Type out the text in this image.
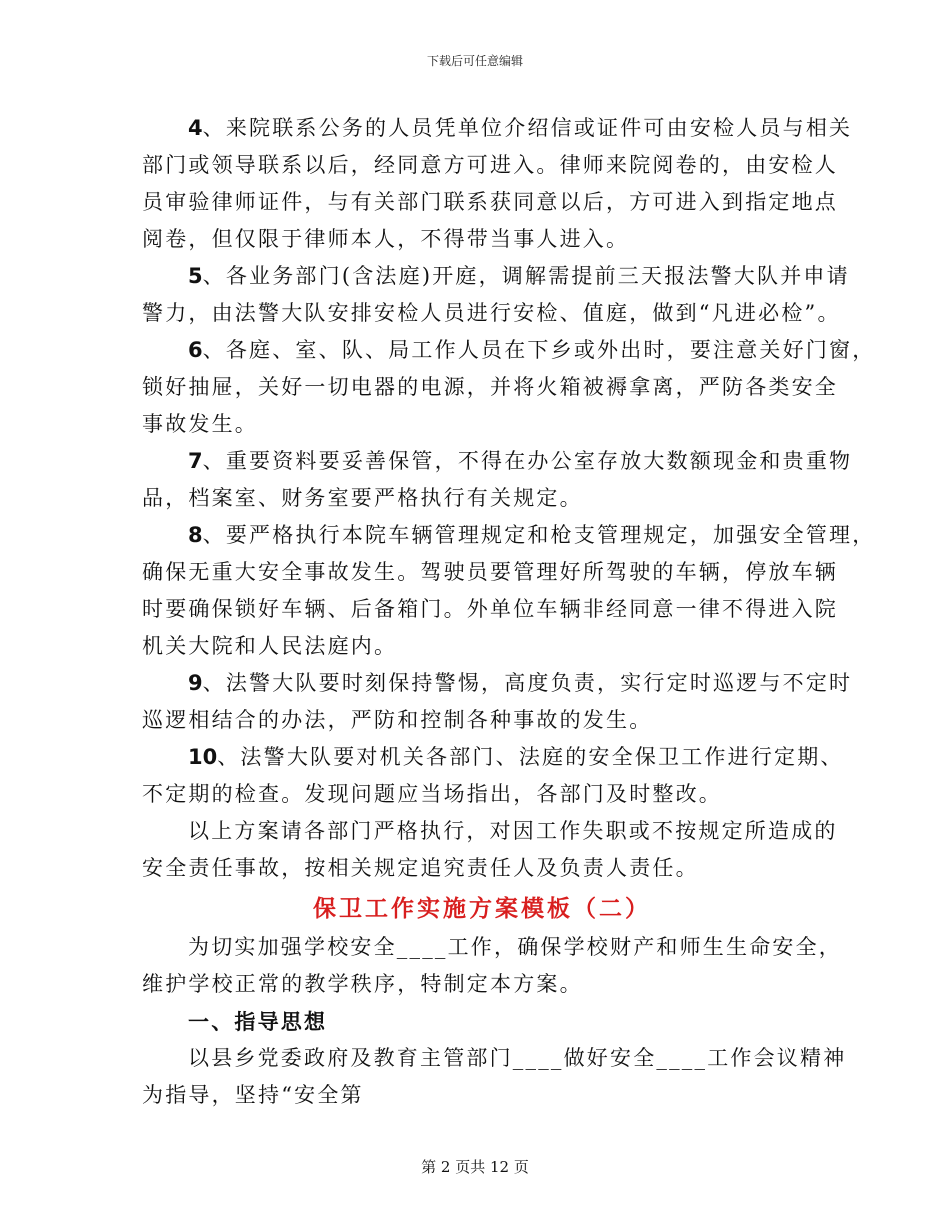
下载后可任意编辑

4、来院联系公务的人员凭单位介绍信或证件可由安检人员与相关
部门或领导联系以后，经同意方可进入。律师来院阅卷的，由安检人
员审验律师证件，与有关部门联系获同意以后，方可进入到指定地点
阅卷，但仅限于律师本人，不得带当事人进入。

5、各业务部门(含法庭)开庭，调解需提前三天报法警大队并申请
警力，由法警大队安排安检人员进行安检、值庭，做到“凡进必检”。

6、各庭、室、队、局工作人员在下乡或外出时，要注意关好门窗，
锁好抽屉，关好一切电器的电源，并将火箱被褥拿离，严防各类安全
事故发生。

7、重要资料要妥善保管，不得在办公室存放大数额现金和贵重物
品，档案室、财务室要严格执行有关规定。

8、要严格执行本院车辆管理规定和枪支管理规定，加强安全管理，
确保无重大安全事故发生。驾驶员要管理好所驾驶的车辆，停放车辆
时要确保锁好车辆、后备箱门。外单位车辆非经同意一律不得进入院
机关大院和人民法庭内。

9、法警大队要时刻保持警惕，高度负责，实行定时巡逻与不定时
巡逻相结合的办法，严防和控制各种事故的发生。

10、法警大队要对机关各部门、法庭的安全保卫工作进行定期、
不定期的检查。发现问题应当场指出，各部门及时整改。

以上方案请各部门严格执行，对因工作失职或不按规定所造成的
安全责任事故，按相关规定追究责任人及负责人责任。

保卫工作实施方案模板（二）

为切实加强学校安全____工作，确保学校财产和师生生命安全，
维护学校正常的教学秩序，特制定本方案。

一、指导思想

以县乡党委政府及教育主管部门____做好安全____工作会议精神
为指导，坚持“安全第

第 2 页共 12 页
